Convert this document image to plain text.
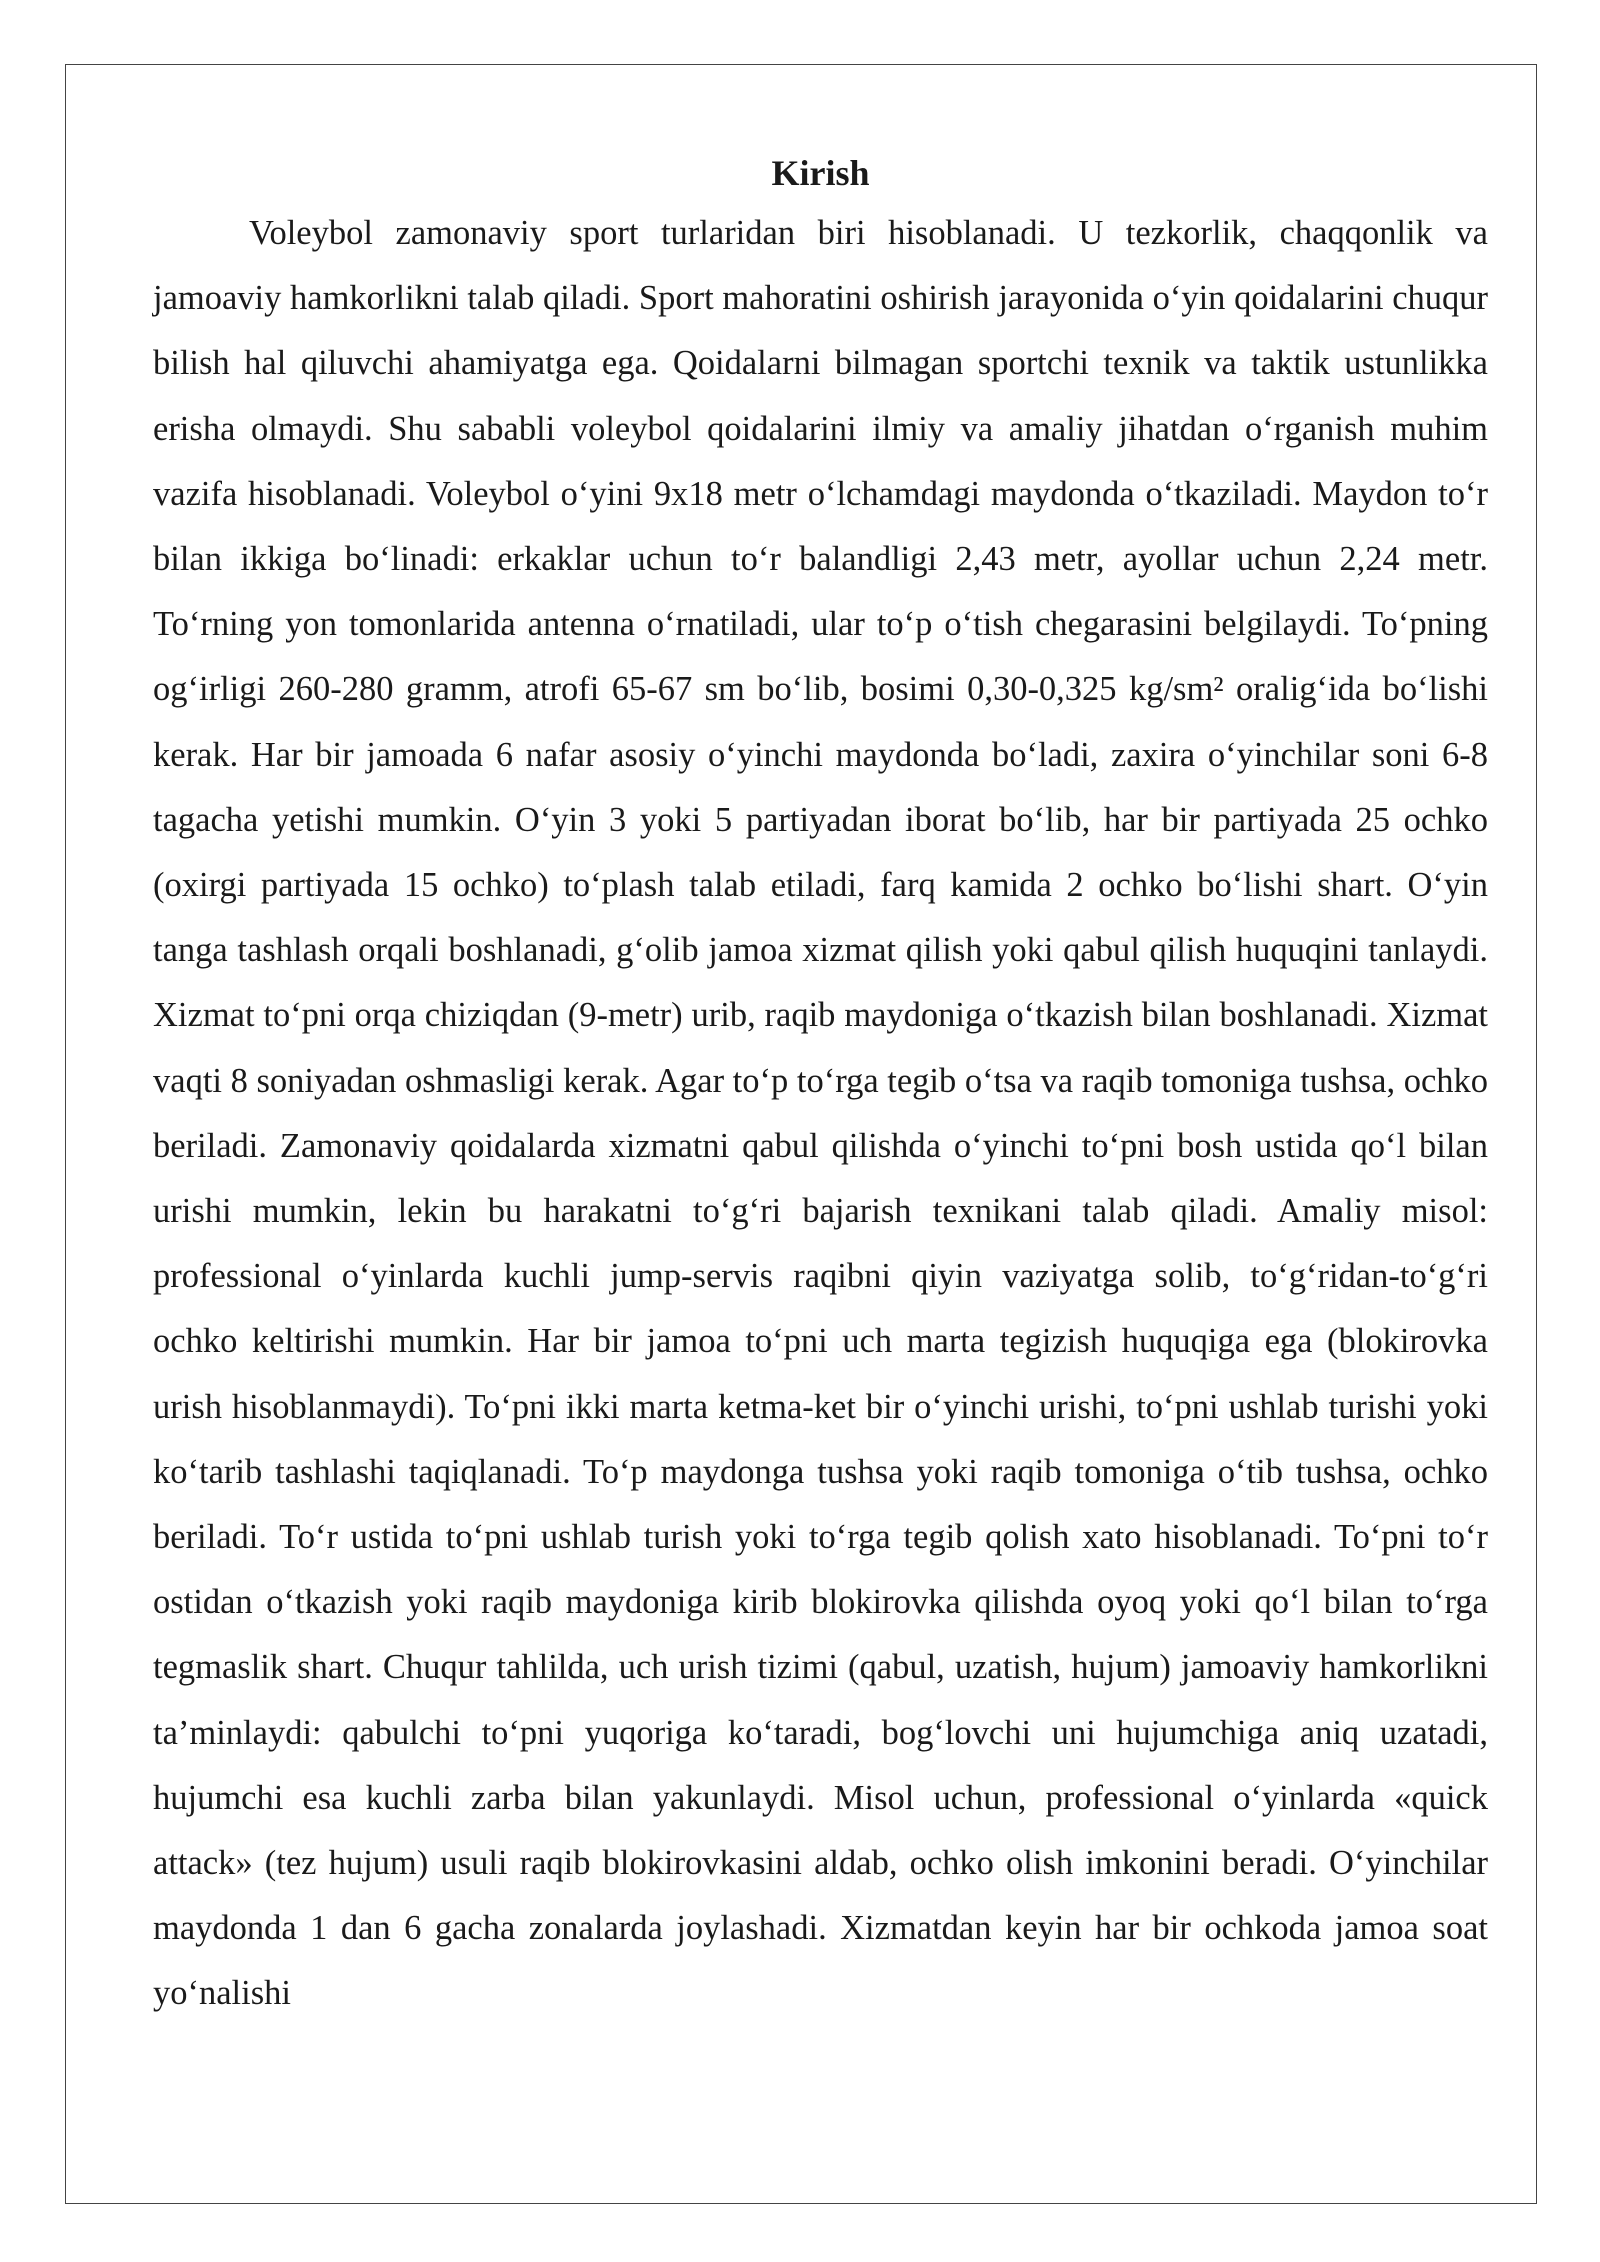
Kirish

Voleybol zamonaviy sport turlaridan biri hisoblanadi. U tezkorlik, chaqqonlik va jamoaviy hamkorlikni talab qiladi. Sport mahoratini oshirish jarayonida o‘yin qoidalarini chuqur bilish hal qiluvchi ahamiyatga ega. Qoidalarni bilmagan sportchi texnik va taktik ustunlikka erisha olmaydi. Shu sababli voleybol qoidalarini ilmiy va amaliy jihatdan o‘rganish muhim vazifa hisoblanadi. Voleybol o‘yini 9x18 metr o‘lchamdagi maydonda o‘tkaziladi. Maydon to‘r bilan ikkiga bo‘linadi: erkaklar uchun to‘r balandligi 2,43 metr, ayollar uchun 2,24 metr. To‘rning yon tomonlarida antenna o‘rnatiladi, ular to‘p o‘tish chegarasini belgilaydi. To‘pning og‘irligi 260-280 gramm, atrofi 65-67 sm bo‘lib, bosimi 0,30-0,325 kg/sm² oralig‘ida bo‘lishi kerak. Har bir jamoada 6 nafar asosiy o‘yinchi maydonda bo‘ladi, zaxira o‘yinchilar soni 6-8 tagacha yetishi mumkin. O‘yin 3 yoki 5 partiyadan iborat bo‘lib, har bir partiyada 25 ochko (oxirgi partiyada 15 ochko) to‘plash talab etiladi, farq kamida 2 ochko bo‘lishi shart. O‘yin tanga tashlash orqali boshlanadi, g‘olib jamoa xizmat qilish yoki qabul qilish huquqini tanlaydi. Xizmat to‘pni orqa chiziqdan (9-metr) urib, raqib maydoniga o‘tkazish bilan boshlanadi. Xizmat vaqti 8 soniyadan oshmasligi kerak. Agar to‘p to‘rga tegib o‘tsa va raqib tomoniga tushsa, ochko beriladi. Zamonaviy qoidalarda xizmatni qabul qilishda o‘yinchi to‘pni bosh ustida qo‘l bilan urishi mumkin, lekin bu harakatni to‘g‘ri bajarish texnikani talab qiladi. Amaliy misol: professional o‘yinlarda kuchli jump-servis raqibni qiyin vaziyatga solib, to‘g‘ridan-to‘g‘ri ochko keltirishi mumkin. Har bir jamoa to‘pni uch marta tegizish huquqiga ega (blokirovka urish hisoblanmaydi). To‘pni ikki marta ketma-ket bir o‘yinchi urishi, to‘pni ushlab turishi yoki ko‘tarib tashlashi taqiqlanadi. To‘p maydonga tushsa yoki raqib tomoniga o‘tib tushsa, ochko beriladi. To‘r ustida to‘pni ushlab turish yoki to‘rga tegib qolish xato hisoblanadi. To‘pni to‘r ostidan o‘tkazish yoki raqib maydoniga kirib blokirovka qilishda oyoq yoki qo‘l bilan to‘rga tegmaslik shart. Chuqur tahlilda, uch urish tizimi (qabul, uzatish, hujum) jamoaviy hamkorlikni ta’minlaydi: qabulchi to‘pni yuqoriga ko‘taradi, bog‘lovchi uni hujumchiga aniq uzatadi, hujumchi esa kuchli zarba bilan yakunlaydi. Misol uchun, professional o‘yinlarda «quick attack» (tez hujum) usuli raqib blokirovkasini aldab, ochko olish imkonini beradi. O‘yinchilar maydonda 1 dan 6 gacha zonalarda joylashadi. Xizmatdan keyin har bir ochkoda jamoa soat yo‘nalishi
